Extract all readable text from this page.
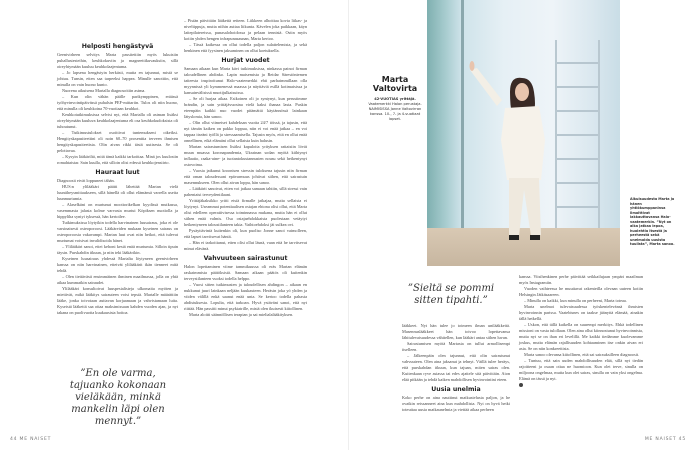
Helposti hengästyvä

Geenivirheen selvitys Marta passitettiin myös lukuisiin puhallustesteihin, keuhkokuviin ja magneettikuvauksiin, sillä oireyhtymään kuuluu keuhkolaajentuma.

– Jo lapsena hengästyin herkästi, mutta en tajunnut, mistä se johtuu. Tunsin, etten saa tarpeeksi happea. Minulle sanottiin, että minulla on vain huono kunto.

Nuorena aikuisena Martalla diagnosoitiin astma.

– Kun olin vähän päälle parikymppinen, eräässä työhyvinvointipäivässä puhalsin PEF-mittariin. Tulos oli niin huono, että minulla oli keuhkoina 70-vuotiaan keuhkot.

Keuhkotutkimuksissa selvisi nyt, että Martalla oli astman lisäksi oireyhtymään kuuluva keuhkolaajentuma eli osa keuhkokudoksista oli tuhoutunut.

– Tutkimustulokset osoittivat tuntemukseni oikeiksi. Hengityskapasiteettini oli noin 60–70 prosenttia terveen ihmisen hengityskapasiteetista. Olin aivan rikki tästä uutisesta. Se oli pelottavaa.

– Kysyin lääkäriltä, mitä tämä kaikki tarkoittaa. Minä jos kuulostin romahtaistar. Sain kuulla, että silloin olisi edessä keuhkojensiirto.

Hauraat luut

Diagnoosit eivät loppuneet tähän.

HUS:n ylilääkäri päätti lähettää Martan vielä luuntiheysmittaukseen, sillä hänellä oli ollut elämänsä varrella useita luunmurtumia.

– Alaselkäni on murtunut moottorikelkan kyydissä mutkassa, vasemmasta jalasta kolme varvasta murtui Köpiksen nuotiolla ja hippyliha syntyi tyksessä, hän kertoilee.

Tutkimuksissa löytyikin todella harvinainen luusairaus, joka ei ole varsinaisesti osteoporoosi. Lääkäreiden mukaan kyseinen sairaus on osteoporoosia vakavampi. Martan luut ovat niin heikot, että tulevat murtumat voisivat invalidisoida hänet.

– Ylilääkäri sanoi, ettei kehoni kestä enää murtumia. Silloin tipuin täysin. Purskahdin itkuun, ja niin teki lääkärikin.

Kyseinen luusairaus yhdessä Martalta löytyneen geenivirheen kanssa on niin harvinainen, etteivät ylilääkärit ikän tienneet mitä tehdä.

– Olen tiettävästi ensimmäinen ihminen maailmassa, jolla on yhtä aikaa kummatkin sairaudet.

Ylilääkäri konsultoivat luuspesialisteja ulkomaita myöten ja miettivät, mikä lääkitys sairauteen voisi tepsiä. Martalle määrättiin lääke, jonka toivotaan auttavan korjaamaan ja vahvistamaan luita. Kyseistä lääkettä saa ottaa maksimissaan kahden vuoden ajan, ja nyt takana on puolivuotta kuukausista hoitoa.

– Pistän päivittäin lääkettä reiteen. Liikkeen alhoittaa kovia liikas- ja niveltippuja, mutta niihin auttaa liikunta. Kävelen joka paikkaan, käyn laitepilatereissa, punasalohoidossa ja pelaan tennistä. Ostin myös kotiin yhden hengen infrapunasaunan, Marta kertoo.

– Tässä kaikessa on ollut todella paljon sulattelemista, ja sekä henkinen että fyysinen jaksaminen on ollut koetuksella.

Hurjat vuodet

Samaan aikaan kun Marta kävi tutkimuksissa, ninkassa painoi firman taloudellinen ahdinko. Lapin maisemista ja Reidar Särestöniemen taiteesta inspiroitunut Halo-vaatemerkki ehti parhaimmillaan olla myynnissä yli kymmenessä maassa ja näyttäviä esillä kotimaisissa ja kansainvälisissä muotijulkaisuissa.

– Se oli hurjaa aikaa. Esikoinen oli jo syntynyt, kun perustimme brändin, ja sain yrittäjävuosina vielä kaksi ihanaa lasta. Puskin eteenpäin kaikki nuo vuodet pitämättä käytännössä lainkaan lätyslomia, hän sanoo.

– Olin ollut viimeiset kahdeksan vuotta 24/7 töissä, ja tajusin, että nyt tämän kaiken on pakko loppua, niin ei voi enää jatkaa – en voi tappaa itseäni työllä ja stressaamisella. Tajusin myös, että en ollut enää onnellinen, eikä elämäni ollut sellaista kuin halusin.

Martan sairastumisen lisäksi kapuloita yrityksen rattaisiin lövät muun muassa koronapandemia, Ukrainan sodan myötä kiihtynyt inflaatio, raaka-aine- ja tuotantokustannusten nousu sekä heikentynyt ostovoima.

– Vuosia jatkunut kroonisen stressin tuloksena tajusin niin firman että oman taloudessani epävarmuus johtivat siihen, että sairastuin masennukseen. Olen ollut aivan loppu, hän sanoo.

– Lääkärit sanoivat, etten voi jatkaa samaan tahtiin, sillä stressi vain pahentaisi terveydentilaani.

Yrittäjäkaksikko yritti etsiä firmalle jatkajaa, mutta sellaista ei löytynyt. Useammat potentiaalisen ostajan ehtona olisi ollut, että Marta olisi edelleen operatiivisessa toiminnassa mukana, mutta hän ei ollut siihen enää valmis. Osa ostajaehdokkaista puolestaan vetäytyi heikentyneen taloustilanteen takia. Vaihtoehdoksi jäi sulkea ovi.

Pysäyttävintä kuitenkin oli, kun puoliso Jonne sanoi vaimolleen, että lapset tarvitsevat häntä.

– Hän ei tarkoittanut, etten olisi ollut läsnä, vaan että he tarvitsevat minut elävänä.

Vahvuuteen sairastunut

Halon lopettaminen viime tammikuussa oli eräs Martan elämän raskaimmista päätöksistä. Samaan aikaan päätös oli kuitenkin terveystilanteen vuoksi todella helppo.

– Vuosi sitten tutkimusten ja taloudellisen ahdingon – aikaan en nukkunut juuri lainkaan neljään kuukauteen. Heräsin joka yö yhden ja viiden välillä enkä saanut enää unta. Se kertoo todella pahasta ahdistuksesta. Lopulta, että tarkoan. Hyvä ystäväni sanoi, että nyt riittää. Hän passitti minut psykiatrille, mistä olen ikuisesti kiitollinen.

Marta aloitti säännöllisen terapian ja sai mielialalääkityksen.

”En ole varma, tajuanko kokonaan vieläkään, minkä mankelin läpi olen mennyt.”
44 ME NAISET
Marta Valtovirta
42-VUOTIAS yrittäjä. Vaatemerkki Halon perustaja. NAIMISISSA Jonne Valtovirran kanssa. 10-, 7- ja 4-vuotiaat lapset.
Aikuisuudesta Marta ja hänen yhtiökumppaninsa ilmoittivat lakkauttavansa Halo-vaatemerkin. ”Nyt on aika jatkaa lepoa, huolehtia itsestä ja perheestä sekä unelmoida uusista tuulista”, Marta sanoo.
”Sieltä se pommi sitten tipahti.”

lääkkeet. Nyt hän tulee jo toimeen ilman unilääkkeitä. Masennuslääkkeet hän toivoo lopettavansa lähitulevaisuudessa vähitellen, kun lääkäri antaa siihen luvan.

Sairastumisen myötä Martasta on tullut armollisempi itselleen.

– Jälkeenpäin olen tajunnut, että olin sairastunut vahvuuteen. Olen aina jaksanut ja tehnyt. Väillä tulee heräys, että purskahdan itkuun, kun tajuan, miten sairas olen. Kuitenkaan ryve asiassa tai edes ajattele sitä päivittäin. Aion elää pitkään ja tehdä kaiken mahdollisen hyvinvointini eteen.

Uusia unelmia

Koko perhe on aina nauttinut matkustelusta paljon, ja he ovatkin reissanneet aina kun mahdollista. Nyt on hyvä hetki toteuttaa uusia matkaunelmia ja viettää aikaa perheen

kanssa. Viisihenkinen perhe päivittää seikkailujaan ympäri maailman myös Instagramiin.

Vuoden vaihteessa he muuttavat rakenteilla olevaan uuteen kotiin Helsingin Jätkäsaareen.

– Minulla on kaikki, kun minulla on perheeni, Marta toteaa.

Marta unelmoi tulevaisuudessa työskentelevänsä ihmisten hyvinvoinnin parissa. Vaatebisnes on taakse jäänyttä elämää, ainakin tällä hetkellä.

– Uskon, että tällä kaikella on suurempi merkitys. Ehkä todellinen missioni on vasta tulollaan. Olen aina ollut kiinnostunut hyvinvoinnista, mutta nyt se on ihan eri levelillä. Me kaikki tiedämme kuolevamme joskus, mutta elämän rajallisuuden kohtaaminen itse onkin aivan eri asia. Se on niin konkreettista.

Marta sanoo olevansa kiitollinen, että sai sairauksilleen diagnoosit.

– Tuntuu, että sain uuden mahdollisuuden elää, sillä nyt tiedän rajoitteeni ja osaan ottaa ne huomioon. Kun olet terve, sinulla on miljoona ongelmaa, mutta kun olet sairas, sinulla on vain yksi ongelma. Elämä on tässä ja nyt.

ME NAISET 45
